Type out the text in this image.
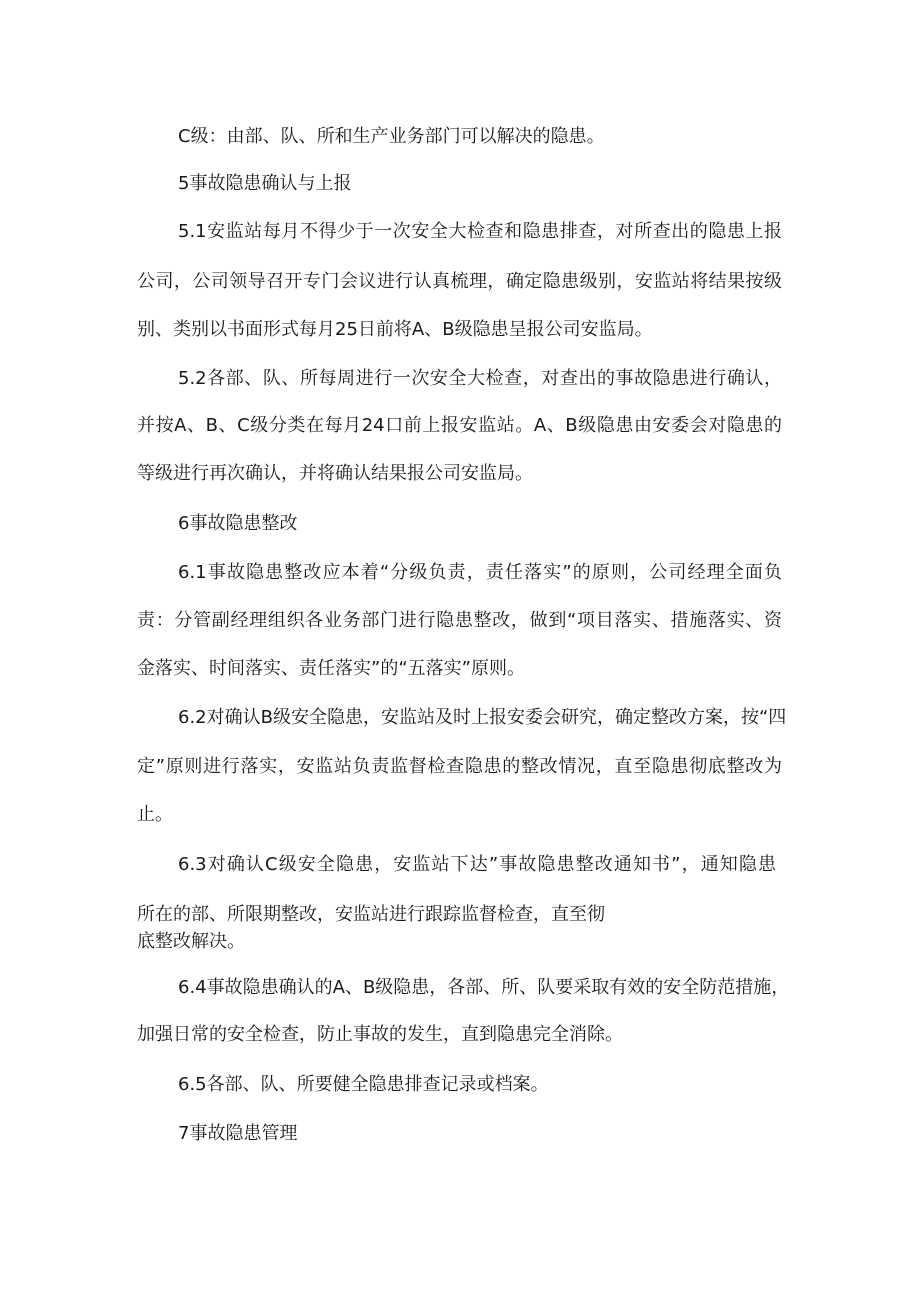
C级：由部、队、所和生产业务部门可以解决的隐患。
5事故隐患确认与上报
5.1安监站每月不得少于一次安全大检查和隐患排查，对所查出的隐患上报
公司，公司领导召开专门会议进行认真梳理，确定隐患级别，安监站将结果按级
别、类别以书面形式每月25日前将A、B级隐患呈报公司安监局。
5.2各部、队、所每周进行一次安全大检查，对查出的事故隐患进行确认，
并按A、B、C级分类在每月24口前上报安监站。A、B级隐患由安委会对隐患的
等级进行再次确认，并将确认结果报公司安监局。
6事故隐患整改
6.1事故隐患整改应本着“分级负责，责任落实”的原则，公司经理全面负
责：分管副经理组织各业务部门进行隐患整改，做到“项目落实、措施落实、资
金落实、时间落实、责任落实”的“五落实”原则。
6.2对确认B级安全隐患，安监站及时上报安委会研究，确定整改方案，按“四
定”原则进行落实，安监站负责监督检查隐患的整改情况，直至隐患彻底整改为
止。
6.3对确认C级安全隐患，安监站下达”事故隐患整改通知书”，通知隐患
所在的部、所限期整改，安监站进行跟踪监督检查，直至彻
底整改解决。
6.4事故隐患确认的A、B级隐患，各部、所、队要采取有效的安全防范措施，
加强日常的安全检查，防止事故的发生，直到隐患完全消除。
6.5各部、队、所要健全隐患排查记录或档案。
7事故隐患管理
